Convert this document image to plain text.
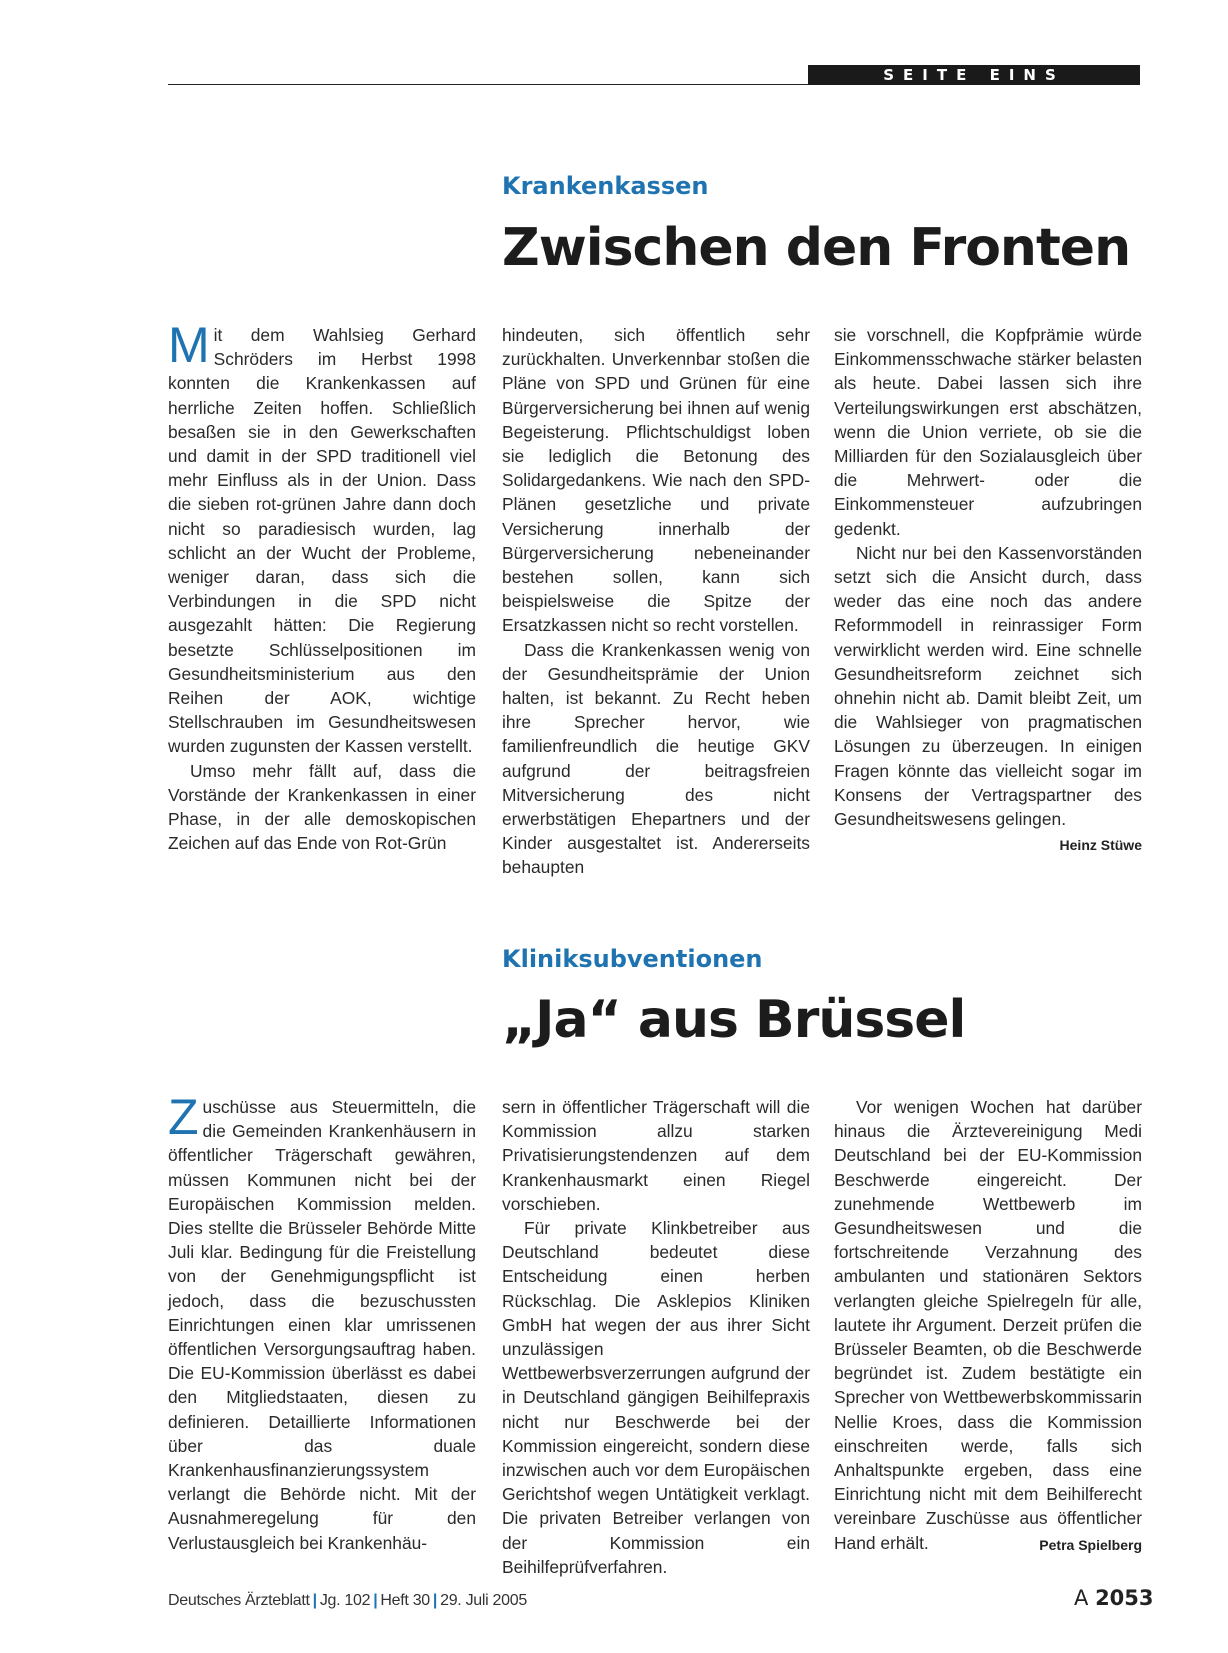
SEITE EINS
Krankenkassen
Zwischen den Fronten

Mit dem Wahlsieg Gerhard Schröders im Herbst 1998 konnten die Krankenkassen auf herrliche Zeiten hoffen. Schließlich besaßen sie in den Gewerkschaften und damit in der SPD traditionell viel mehr Einfluss als in der Union. Dass die sieben rot-grünen Jahre dann doch nicht so paradiesisch wurden, lag schlicht an der Wucht der Probleme, weniger daran, dass sich die Verbindungen in die SPD nicht ausgezahlt hätten: Die Regierung besetzte Schlüsselpositionen im Gesundheitsministerium aus den Reihen der AOK, wichtige Stellschrauben im Gesundheitswesen wurden zugunsten der Kassen verstellt.

Umso mehr fällt auf, dass die Vorstände der Krankenkassen in einer Phase, in der alle demoskopischen Zeichen auf das Ende von Rot-Grün

hindeuten, sich öffentlich sehr zurückhalten. Unverkennbar stoßen die Pläne von SPD und Grünen für eine Bürgerversicherung bei ihnen auf wenig Begeisterung. Pflichtschuldigst loben sie lediglich die Betonung des Solidargedankens. Wie nach den SPD-Plänen gesetzliche und private Versicherung innerhalb der Bürgerversicherung nebeneinander bestehen sollen, kann sich beispielsweise die Spitze der Ersatzkassen nicht so recht vorstellen.

Dass die Krankenkassen wenig von der Gesundheitsprämie der Union halten, ist bekannt. Zu Recht heben ihre Sprecher hervor, wie familienfreundlich die heutige GKV aufgrund der beitragsfreien Mitversicherung des nicht erwerbstätigen Ehepartners und der Kinder ausgestaltet ist. Andererseits behaupten

sie vorschnell, die Kopfprämie würde Einkommensschwache stärker belasten als heute. Dabei lassen sich ihre Verteilungswirkungen erst abschätzen, wenn die Union verriete, ob sie die Milliarden für den Sozialausgleich über die Mehrwert- oder die Einkommensteuer aufzubringen gedenkt.

Nicht nur bei den Kassenvorständen setzt sich die Ansicht durch, dass weder das eine noch das andere Reformmodell in reinrassiger Form verwirklicht werden wird. Eine schnelle Gesundheitsreform zeichnet sich ohnehin nicht ab. Damit bleibt Zeit, um die Wahlsieger von pragmatischen Lösungen zu überzeugen. In einigen Fragen könnte das vielleicht sogar im Konsens der Vertragspartner des Gesundheitswesens gelingen.
Heinz Stüwe

Kliniksubventionen
„Ja“ aus Brüssel

Zuschüsse aus Steuermitteln, die die Gemeinden Krankenhäusern in öffentlicher Trägerschaft gewähren, müssen Kommunen nicht bei der Europäischen Kommission melden. Dies stellte die Brüsseler Behörde Mitte Juli klar. Bedingung für die Freistellung von der Genehmigungspflicht ist jedoch, dass die bezuschussten Einrichtungen einen klar umrissenen öffentlichen Versorgungsauftrag haben. Die EU-Kommission überlässt es dabei den Mitgliedstaaten, diesen zu definieren. Detaillierte Informationen über das duale Krankenhausfinanzierungssystem verlangt die Behörde nicht. Mit der Ausnahmeregelung für den Verlustausgleich bei Krankenhäu-

sern in öffentlicher Trägerschaft will die Kommission allzu starken Privatisierungstendenzen auf dem Krankenhausmarkt einen Riegel vorschieben.

Für private Klinkbetreiber aus Deutschland bedeutet diese Entscheidung einen herben Rückschlag. Die Asklepios Kliniken GmbH hat wegen der aus ihrer Sicht unzulässigen Wettbewerbsverzerrungen aufgrund der in Deutschland gängigen Beihilfepraxis nicht nur Beschwerde bei der Kommission eingereicht, sondern diese inzwischen auch vor dem Europäischen Gerichtshof wegen Untätigkeit verklagt. Die privaten Betreiber verlangen von der Kommission ein Beihilfeprüfverfahren.

Vor wenigen Wochen hat darüber hinaus die Ärztevereinigung Medi Deutschland bei der EU-Kommission Beschwerde eingereicht. Der zunehmende Wettbewerb im Gesundheitswesen und die fortschreitende Verzahnung des ambulanten und stationären Sektors verlangten gleiche Spielregeln für alle, lautete ihr Argument. Derzeit prüfen die Brüsseler Beamten, ob die Beschwerde begründet ist. Zudem bestätigte ein Sprecher von Wettbewerbskommissarin Nellie Kroes, dass die Kommission einschreiten werde, falls sich Anhaltspunkte ergeben, dass eine Einrichtung nicht mit dem Beihilferecht vereinbare Zuschüsse aus öffentlicher Hand erhält.	Petra Spielberg

Deutsches Ärzteblatt | Jg. 102 | Heft 30 | 29. Juli 2005	A 2053
